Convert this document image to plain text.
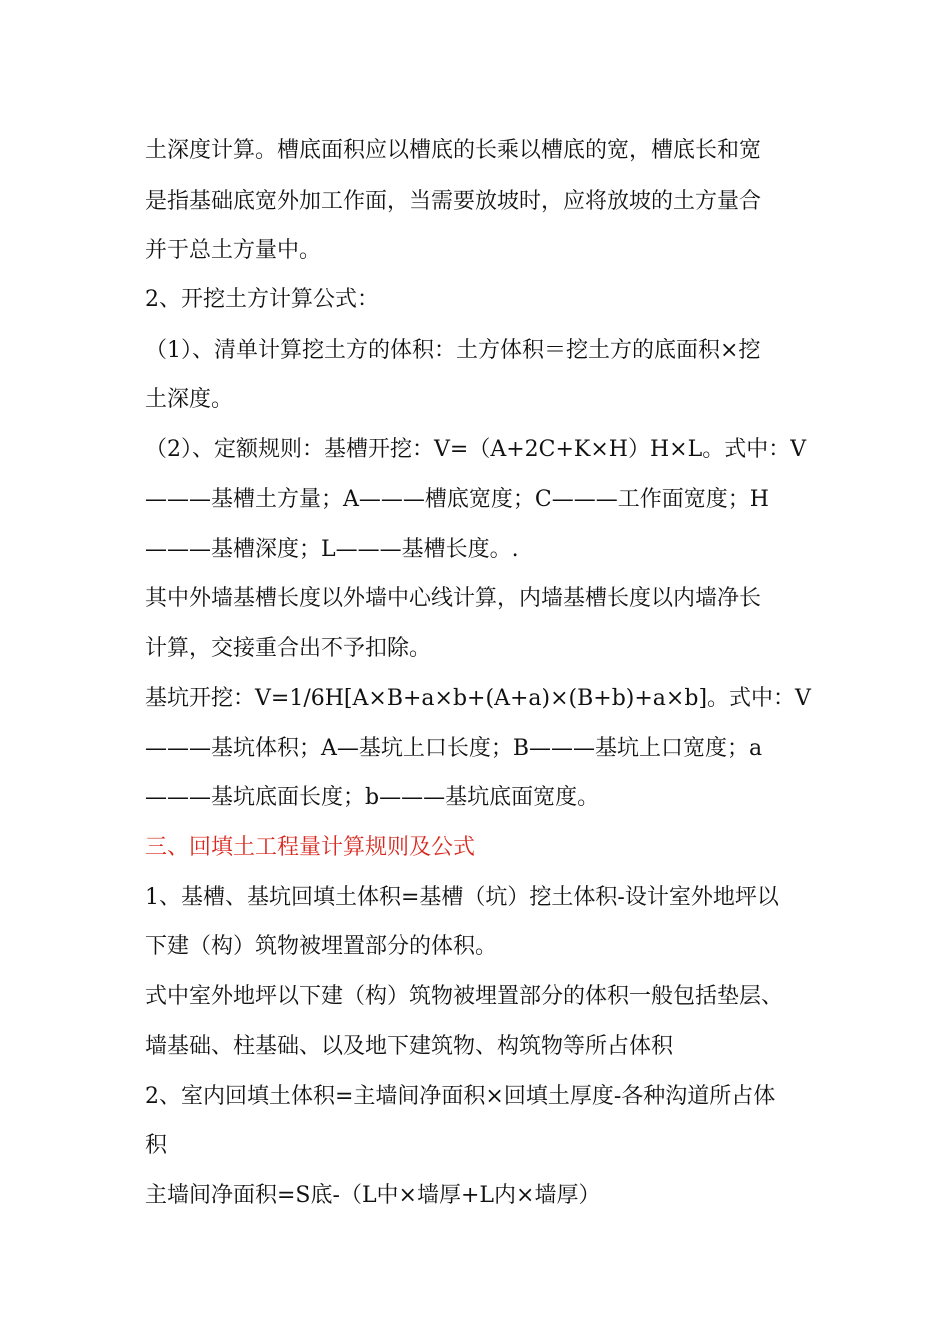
土深度计算。槽底面积应以槽底的长乘以槽底的宽，槽底长和宽
是指基础底宽外加工作面，当需要放坡时，应将放坡的土方量合
并于总土方量中。
2、开挖土方计算公式：
（1）、清单计算挖土方的体积：土方体积＝挖土方的底面积×挖
土深度。
（2）、定额规则：基槽开挖：V=（A+2C+K×H）H×L。式中：V
———基槽土方量；A———槽底宽度；C———工作面宽度；H
———基槽深度；L———基槽长度。.
其中外墙基槽长度以外墙中心线计算，内墙基槽长度以内墙净长
计算，交接重合出不予扣除。
基坑开挖：V=1/6H[A×B+a×b+(A+a)×(B+b)+a×b]。式中：V
———基坑体积；A—基坑上口长度；B———基坑上口宽度；a
———基坑底面长度；b———基坑底面宽度。
三、回填土工程量计算规则及公式
1、基槽、基坑回填土体积=基槽（坑）挖土体积-设计室外地坪以
下建（构）筑物被埋置部分的体积。
式中室外地坪以下建（构）筑物被埋置部分的体积一般包括垫层、
墙基础、柱基础、以及地下建筑物、构筑物等所占体积
2、室内回填土体积=主墙间净面积×回填土厚度-各种沟道所占体
积
主墙间净面积=S底-（L中×墙厚+L内×墙厚）
